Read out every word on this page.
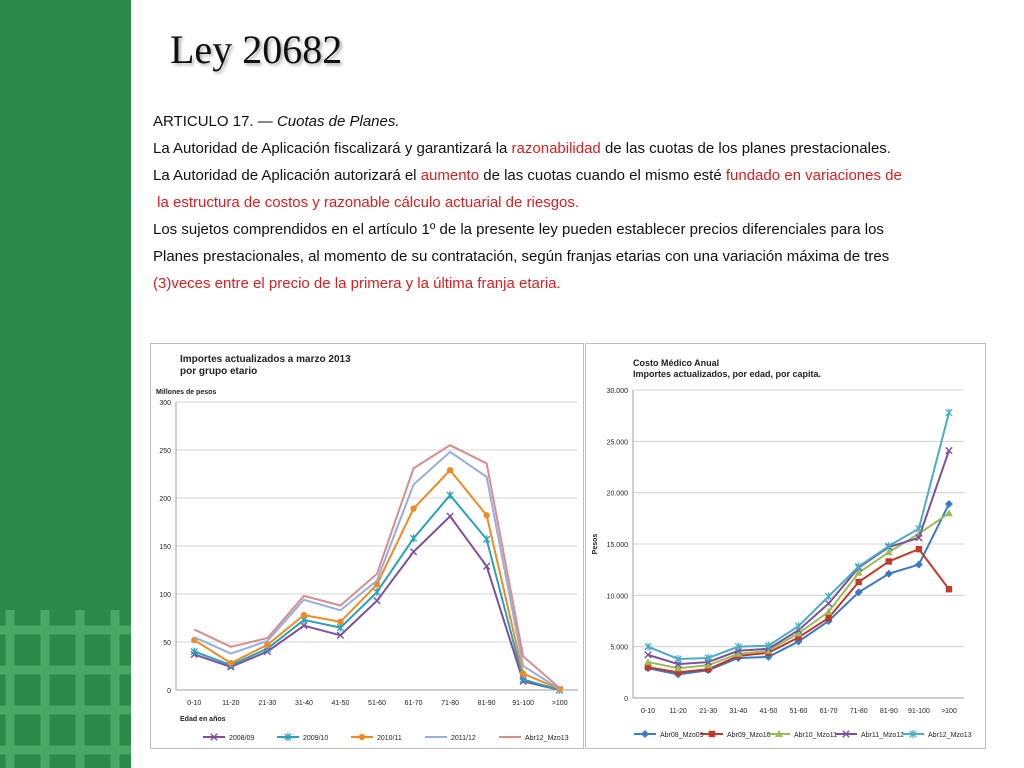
Ley 20682

ARTICULO 17. — Cuotas de Planes.

La Autoridad de Aplicación fiscalizará y garantizará la razonabilidad de las cuotas de los planes prestacionales.

La Autoridad de Aplicación autorizará el aumento de las cuotas cuando el mismo esté fundado en variaciones de

la estructura de costos y razonable cálculo actuarial de riesgos.

Los sujetos comprendidos en el artículo 1º de la presente ley pueden establecer precios diferenciales para los

Planes prestacionales, al momento de su contratación, según franjas etarias con una variación máxima de tres

(3)veces entre el precio de la primera y la última franja etaria.

Importes actualizados a marzo 2013
por grupo etario
0
50
100
150
200
250
300
0-10	11-20	21-30	31-40	41-50	51-60	61-70	71-80	81-90 91-100	>100
Millones de pesos
Edad en años
2008/09	2009/10	2010/11	2011/12	Abr12_Mzo13
Costo Médico Anual
Importes actualizados, por edad, por capita.
0
5.000
10.000
15.000
20.000
25.000
30.000
0-10 11-20 21-30 31-40 41-50 51-60 61-70 71-80 81-90 91-100 >100
Pesos
Abr08_Mzo09	Abr09_Mzo10	Abr10_Mzo11	Abr11_Mzo12	Abr12_Mzo13
